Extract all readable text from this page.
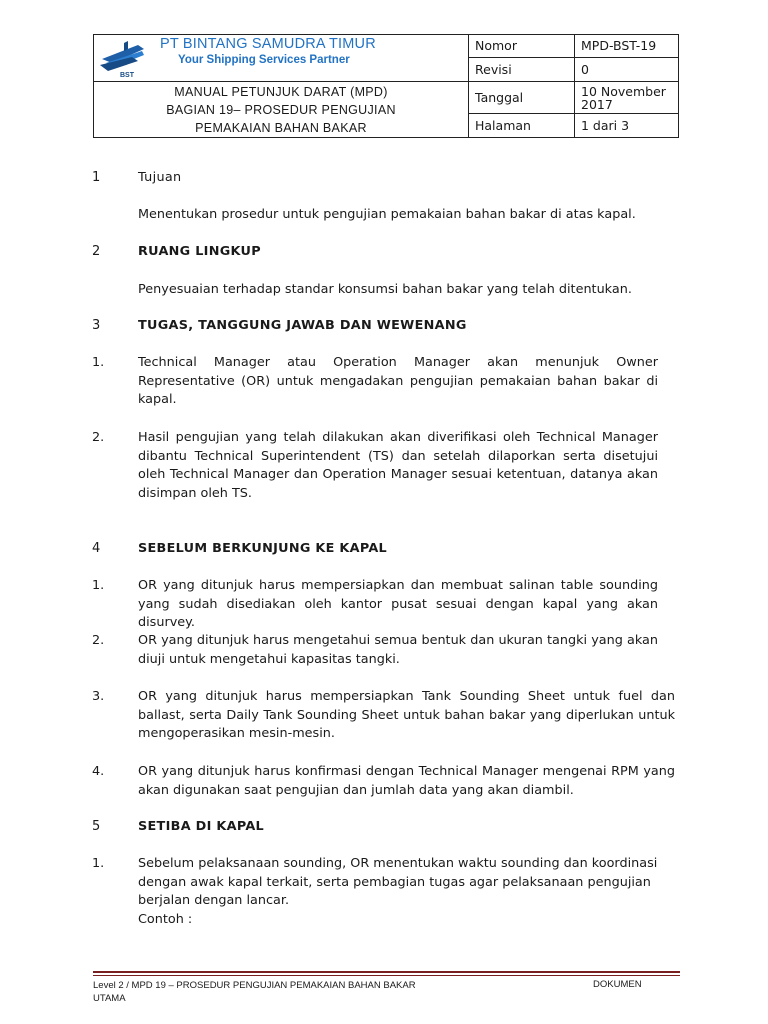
BST
PT BINTANG SAMUDRA TIMUR
Your Shipping Services Partner	Nomor	MPD-BST-19
	Revisi	0

MANUAL PETUNJUK DARAT (MPD)
BAGIAN 19– PROSEDUR PENGUJIAN
PEMAKAIAN BAHAN BAKAR	Tanggal	10 November 2017
	Halaman	1 dari 3
1	Tujuan
Menentukan prosedur untuk pengujian pemakaian bahan bakar di atas kapal.
2	RUANG LINGKUP
Penyesuaian terhadap standar konsumsi bahan bakar yang telah ditentukan.
3	TUGAS, TANGGUNG JAWAB DAN WEWENANG
1.	Technical Manager atau Operation Manager akan menunjuk Owner Representative (OR) untuk mengadakan pengujian pemakaian bahan bakar di kapal.
2.	Hasil pengujian yang telah dilakukan akan diverifikasi oleh Technical Manager dibantu Technical Superintendent (TS) dan setelah dilaporkan serta disetujui oleh Technical Manager dan Operation Manager sesuai ketentuan, datanya akan disimpan oleh TS.
4	SEBELUM BERKUNJUNG KE KAPAL
1.	OR yang ditunjuk harus mempersiapkan dan membuat salinan table sounding yang sudah disediakan oleh kantor pusat sesuai dengan kapal yang akan disurvey.
2.	OR yang ditunjuk harus mengetahui semua bentuk dan ukuran tangki yang akan diuji untuk mengetahui kapasitas tangki.
3.	OR yang ditunjuk harus mempersiapkan Tank Sounding Sheet untuk fuel dan ballast, serta Daily Tank Sounding Sheet untuk bahan bakar yang diperlukan untuk mengoperasikan mesin-mesin.
4.	OR yang ditunjuk harus konfirmasi dengan Technical Manager mengenai RPM yang akan digunakan saat pengujian dan jumlah data yang akan diambil.
5	SETIBA DI KAPAL
1.	Sebelum pelaksanaan sounding, OR menentukan waktu sounding dan koordinasi dengan awak kapal terkait, serta pembagian tugas agar pelaksanaan pengujian berjalan dengan lancar.
Contoh :
Level 2 / MPD 19 – PROSEDUR PENGUJIAN PEMAKAIAN BAHAN BAKAR
UTAMA
DOKUMEN
